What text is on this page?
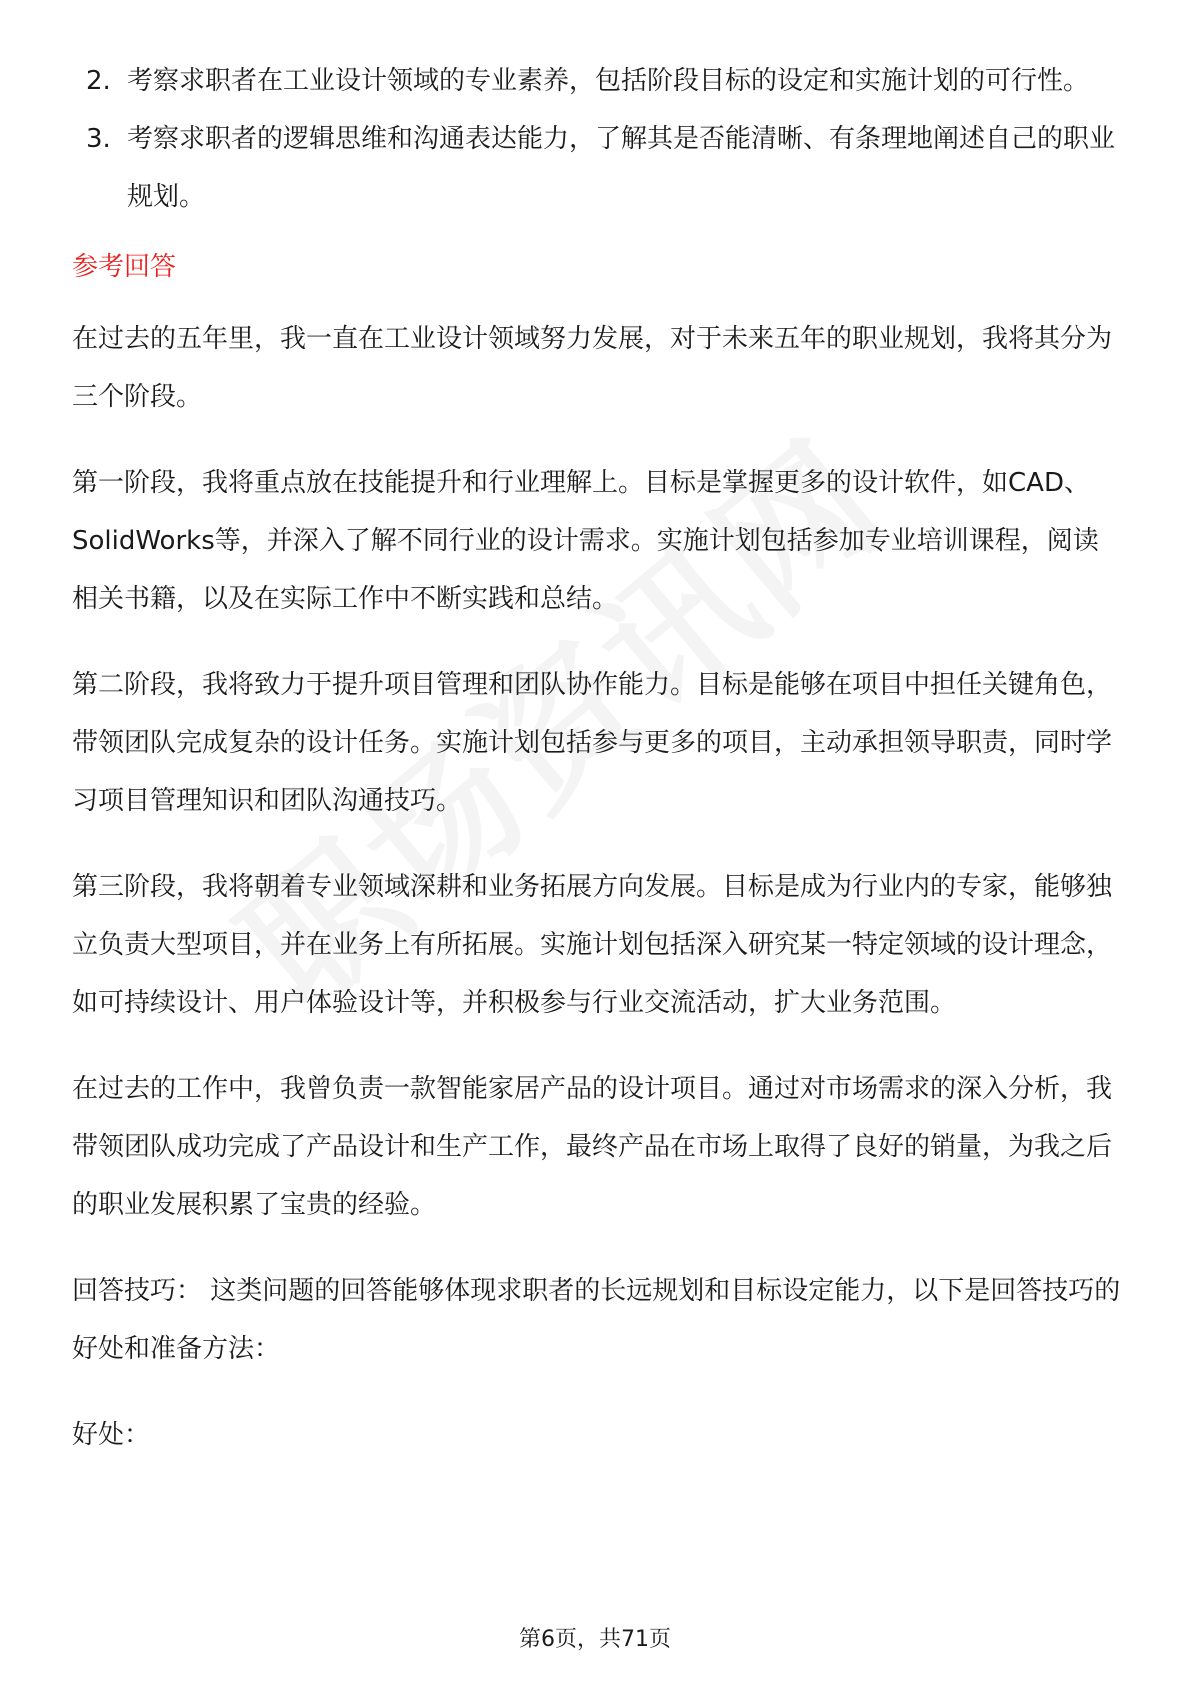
2. 考察求职者在工业设计领域的专业素养，包括阶段目标的设定和实施计划的可行性。
3. 考察求职者的逻辑思维和沟通表达能力，了解其是否能清晰、有条理地阐述自己的职业规划。
参考回答

在过去的五年里，我一直在工业设计领域努力发展，对于未来五年的职业规划，我将其分为三个阶段。

第一阶段，我将重点放在技能提升和行业理解上。目标是掌握更多的设计软件，如CAD、SolidWorks等，并深入了解不同行业的设计需求。实施计划包括参加专业培训课程，阅读相关书籍，以及在实际工作中不断实践和总结。

第二阶段，我将致力于提升项目管理和团队协作能力。目标是能够在项目中担任关键角色，带领团队完成复杂的设计任务。实施计划包括参与更多的项目，主动承担领导职责，同时学习项目管理知识和团队沟通技巧。

第三阶段，我将朝着专业领域深耕和业务拓展方向发展。目标是成为行业内的专家，能够独立负责大型项目，并在业务上有所拓展。实施计划包括深入研究某一特定领域的设计理念，如可持续设计、用户体验设计等，并积极参与行业交流活动，扩大业务范围。

在过去的工作中，我曾负责一款智能家居产品的设计项目。通过对市场需求的深入分析，我带领团队成功完成了产品设计和生产工作，最终产品在市场上取得了良好的销量，为我之后的职业发展积累了宝贵的经验。

回答技巧： 这类问题的回答能够体现求职者的长远规划和目标设定能力，以下是回答技巧的好处和准备方法：

好处：

第6页，共71页
